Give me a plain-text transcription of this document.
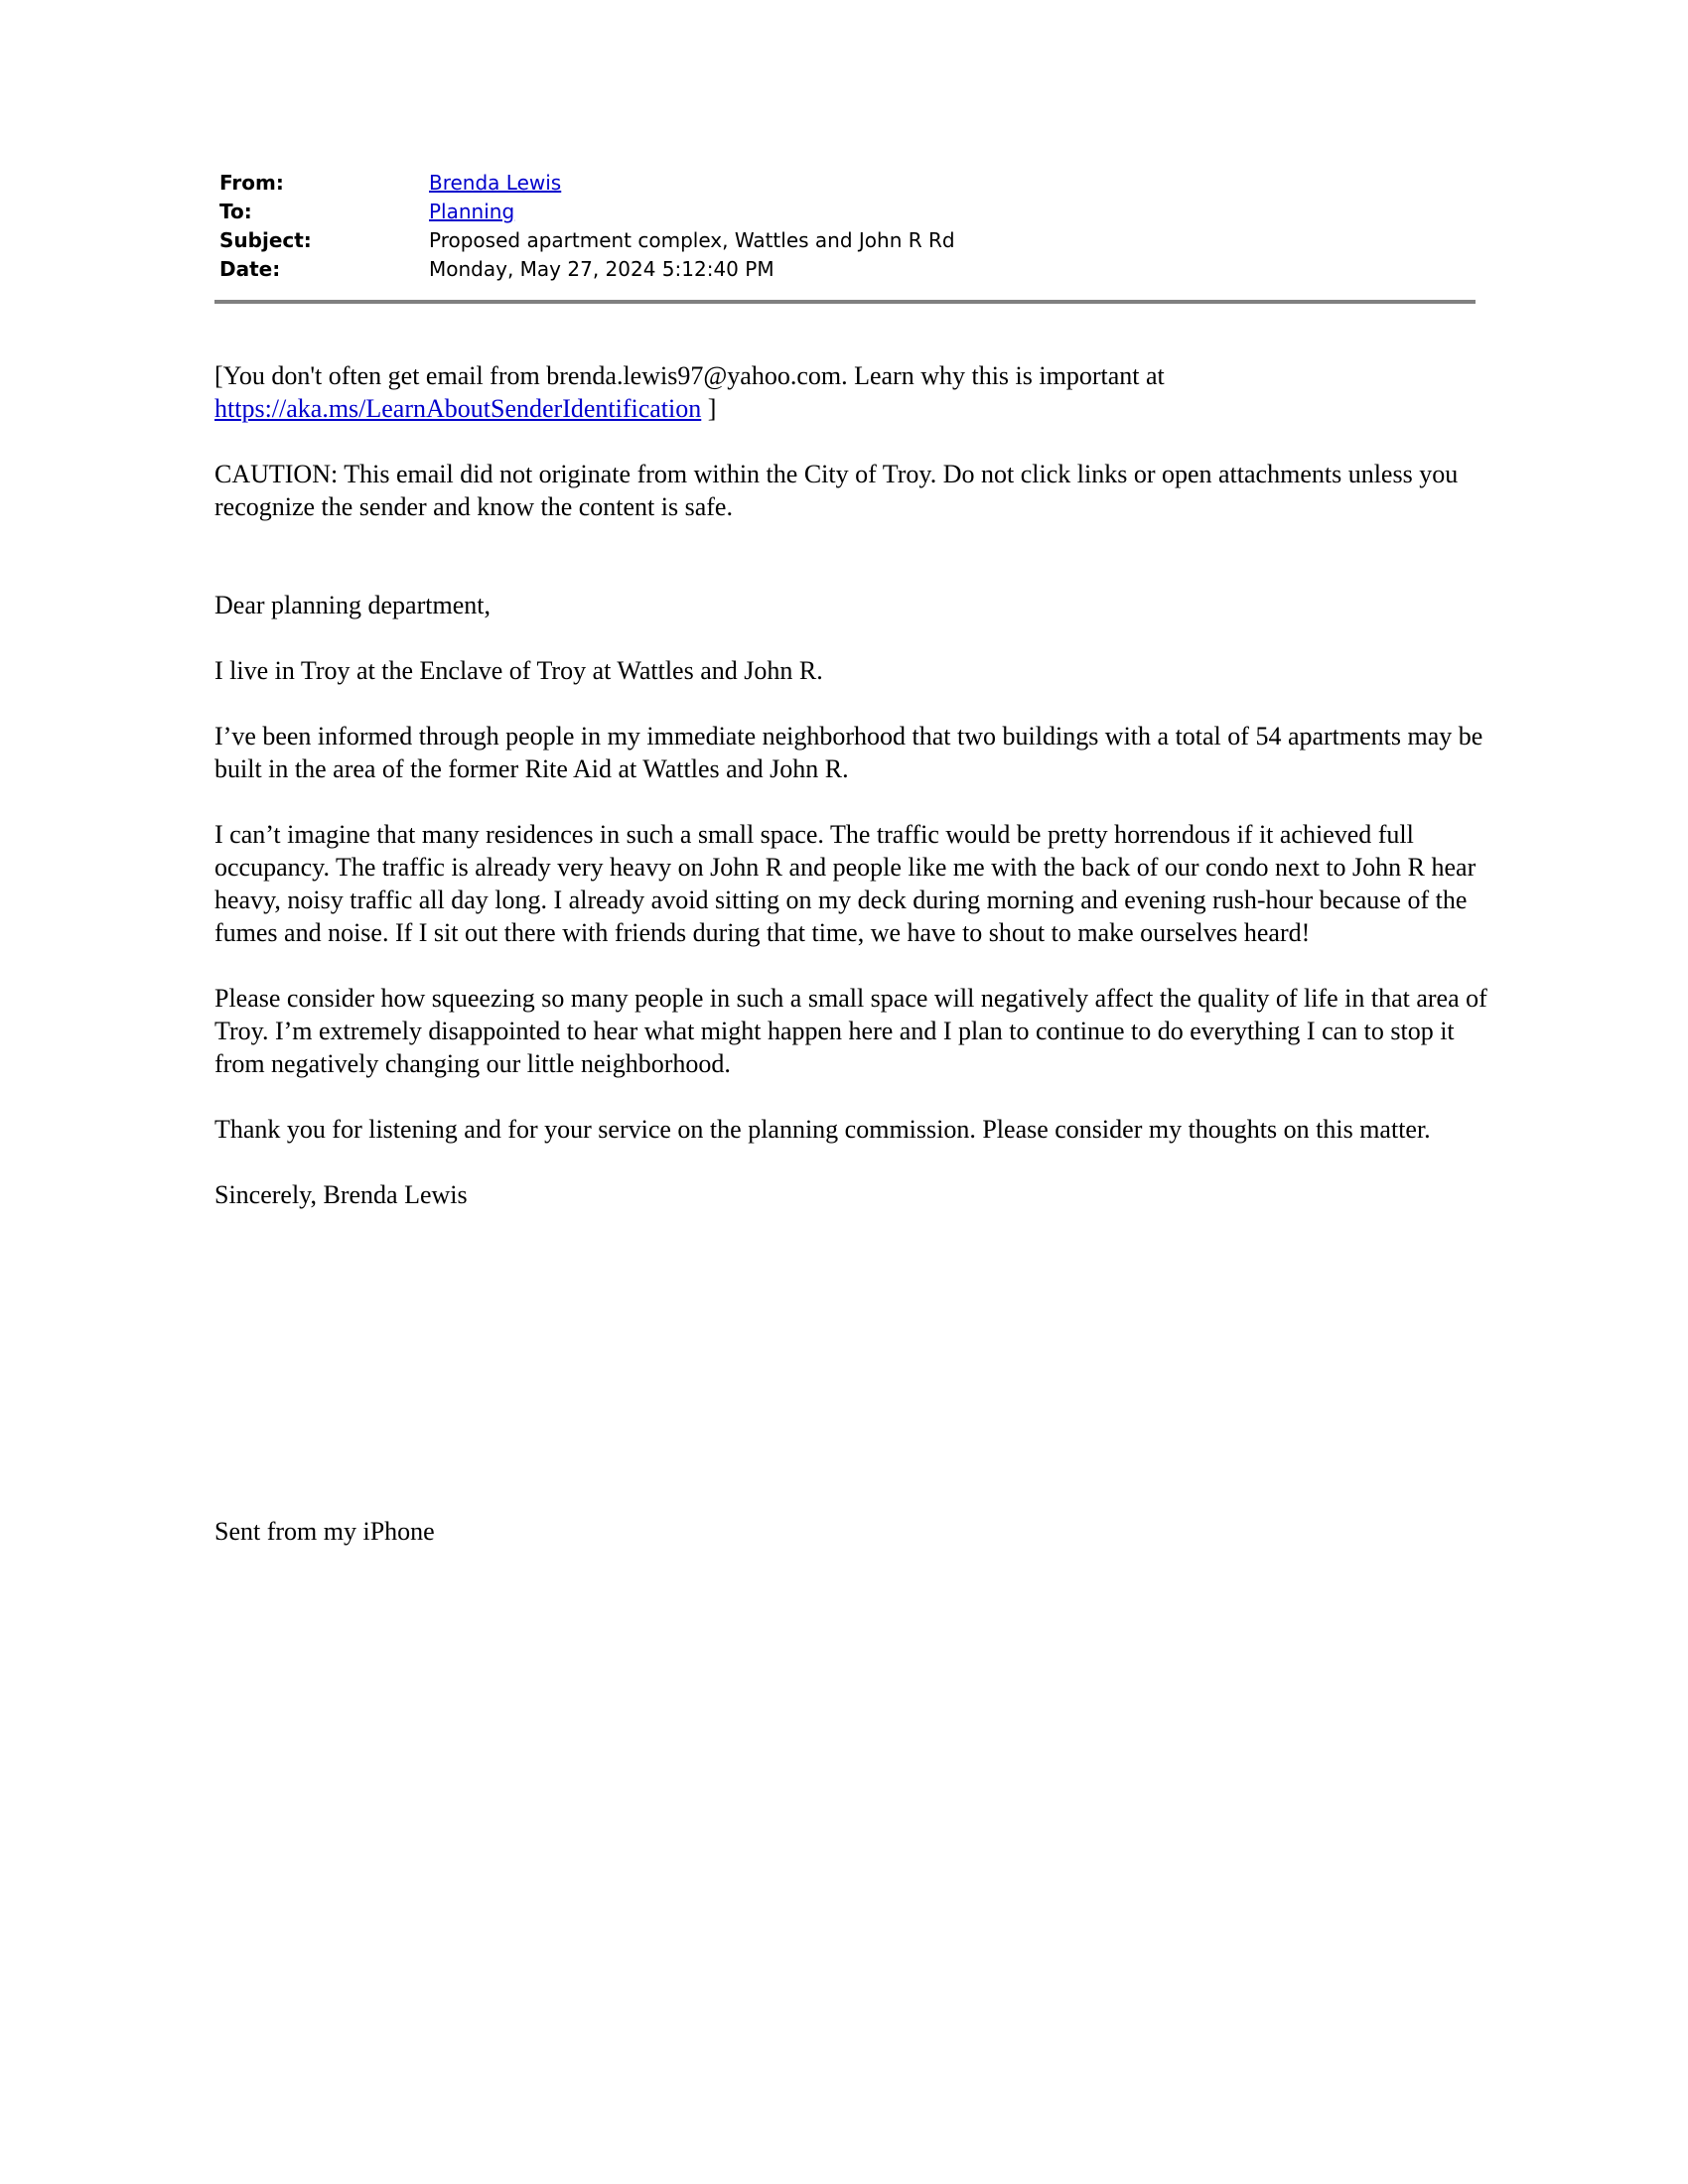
From:	Brenda Lewis
To:	Planning
Subject:	Proposed apartment complex, Wattles and John R Rd
Date:	Monday, May 27, 2024 5:12:40 PM

[You don't often get email from brenda.lewis97@yahoo.com. Learn why this is important at https://aka.ms/LearnAboutSenderIdentification ]

CAUTION: This email did not originate from within the City of Troy. Do not click links or open attachments unless you recognize the sender and know the content is safe.

Dear planning department,

I live in Troy at the Enclave of Troy at Wattles and John R.

I’ve been informed through people in my immediate neighborhood that two buildings with a total of 54 apartments may be built in the area of the former Rite Aid at Wattles and John R.

I can’t imagine that many residences in such a small space. The traffic would be pretty horrendous if it achieved full occupancy. The traffic is already very heavy on John R and people like me with the back of our condo next to John R hear heavy, noisy traffic all day long. I already avoid sitting on my deck during morning and evening rush-hour because of the fumes and noise. If I sit out there with friends during that time, we have to shout to make ourselves heard!

Please consider how squeezing so many people in such a small space will negatively affect the quality of life in that area of Troy. I’m extremely disappointed to hear what might happen here and I plan to continue to do everything I can to stop it from negatively changing our little neighborhood.

Thank you for listening and for your service on the planning commission. Please consider my thoughts on this matter.

Sincerely, Brenda Lewis

Sent from my iPhone
